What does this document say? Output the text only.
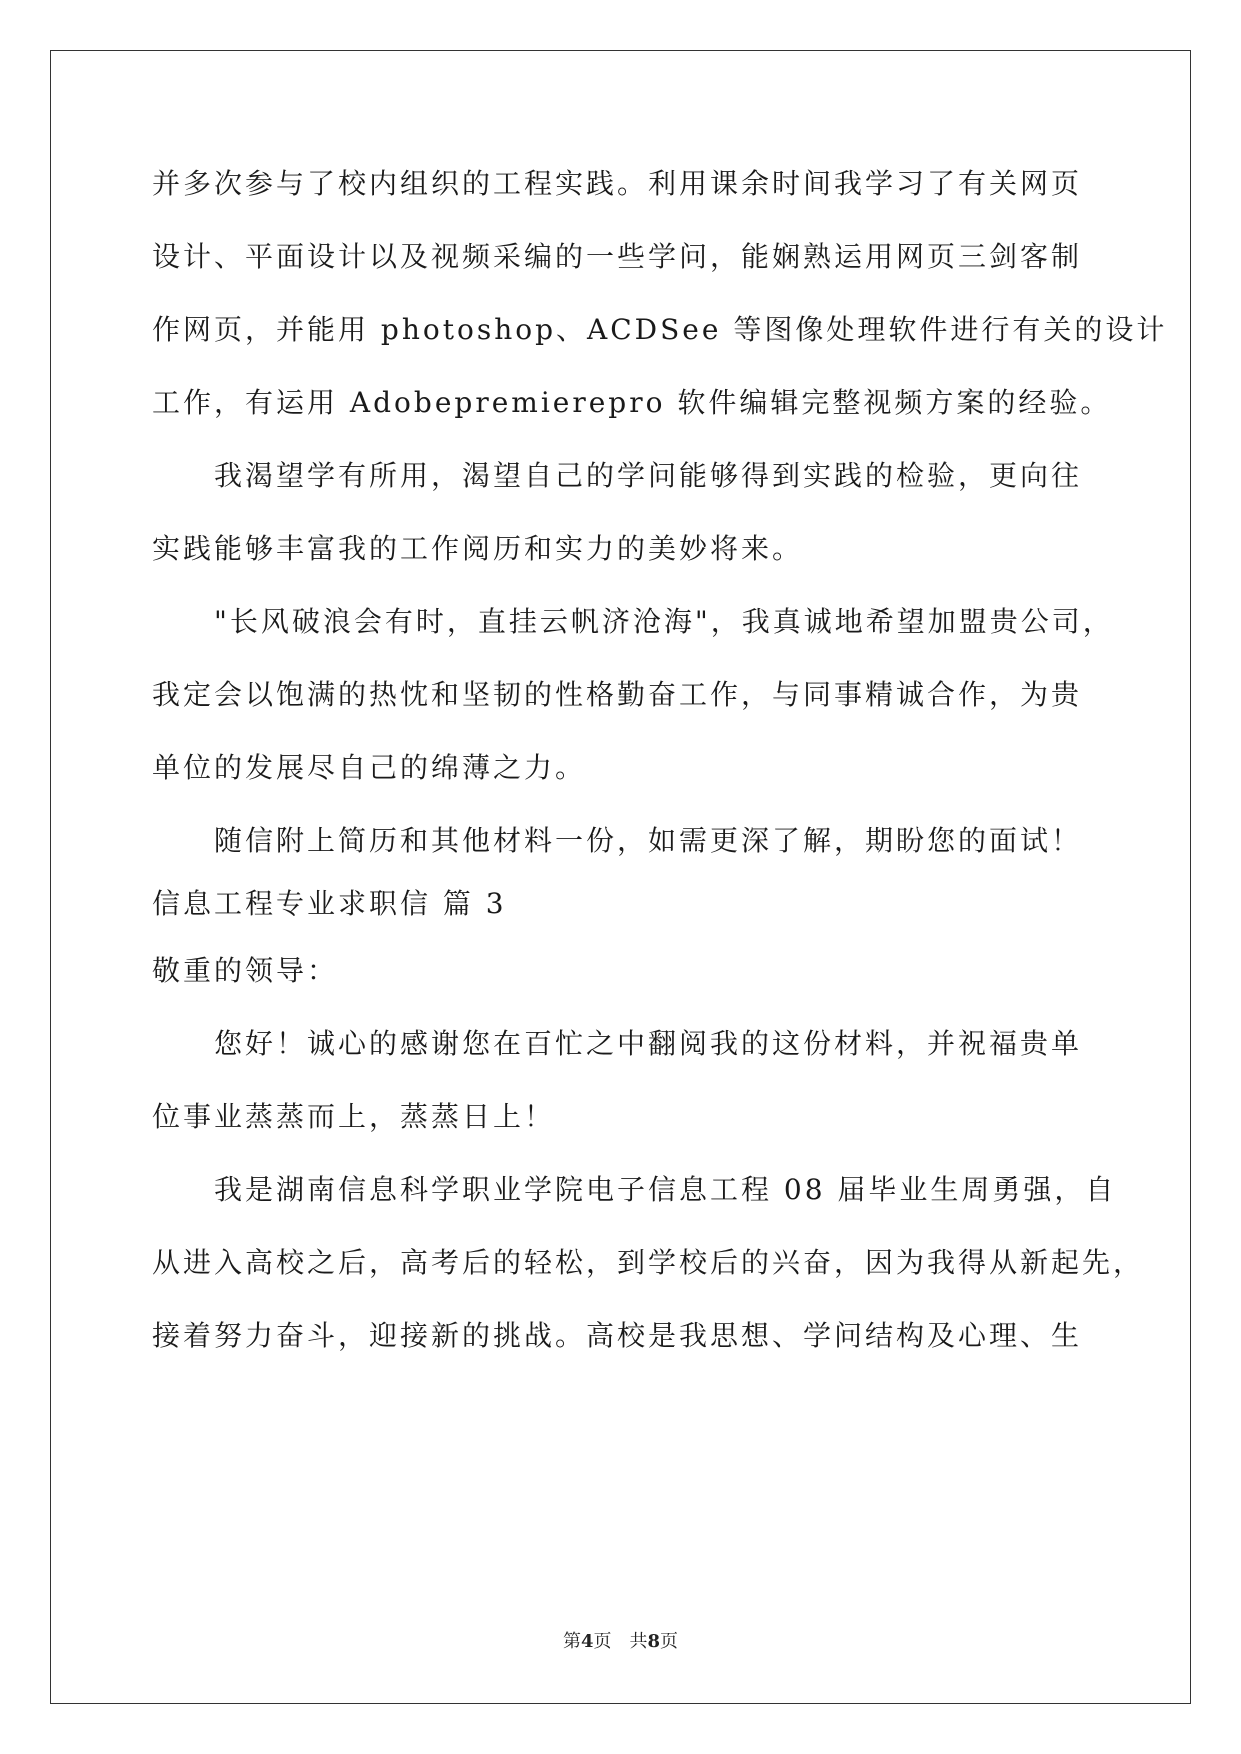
并多次参与了校内组织的工程实践。利用课余时间我学习了有关网页
设计、平面设计以及视频采编的一些学问，能娴熟运用网页三剑客制
作网页，并能用 photoshop、ACDSee 等图像处理软件进行有关的设计
工作，有运用 Adobepremierepro 软件编辑完整视频方案的经验。
我渴望学有所用，渴望自己的学问能够得到实践的检验，更向往
实践能够丰富我的工作阅历和实力的美妙将来。
"长风破浪会有时，直挂云帆济沧海"，我真诚地希望加盟贵公司，
我定会以饱满的热忱和坚韧的性格勤奋工作，与同事精诚合作，为贵
单位的发展尽自己的绵薄之力。
随信附上简历和其他材料一份，如需更深了解，期盼您的面试！
信息工程专业求职信 篇 3
敬重的领导：
您好！诚心的感谢您在百忙之中翻阅我的这份材料，并祝福贵单
位事业蒸蒸而上，蒸蒸日上！
我是湖南信息科学职业学院电子信息工程 08 届毕业生周勇强，自
从进入高校之后，高考后的轻松，到学校后的兴奋，因为我得从新起先，
接着努力奋斗，迎接新的挑战。高校是我思想、学问结构及心理、生
第4页 共8页
